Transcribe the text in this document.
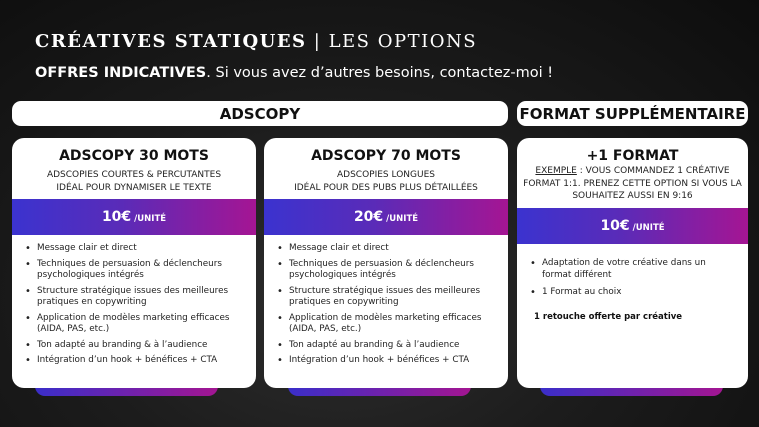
CRÉATIVES STATIQUES | LES OPTIONS
OFFRES INDICATIVES. Si vous avez d’autres besoins, contactez-moi !
ADSCOPY	FORMAT SUPPLÉMENTAIRE
ADSCOPY 30 MOTS
ADSCOPIES COURTES & PERCUTANTES
IDÉAL POUR DYNAMISER LE TEXTE
10€ /UNITÉ
• Message clair et direct
• Techniques de persuasion & déclencheurs psychologiques intégrés
• Structure stratégique issues des meilleures pratiques en copywriting
• Application de modèles marketing efficaces (AIDA, PAS, etc.)
• Ton adapté au branding & à l’audience
• Intégration d’un hook + bénéfices + CTA
ADSCOPY 70 MOTS
ADSCOPIES LONGUES
IDÉAL POUR DES PUBS PLUS DÉTAILLÉES
20€ /UNITÉ
• Message clair et direct
• Techniques de persuasion & déclencheurs psychologiques intégrés
• Structure stratégique issues des meilleures pratiques en copywriting
• Application de modèles marketing efficaces (AIDA, PAS, etc.)
• Ton adapté au branding & à l’audience
• Intégration d’un hook + bénéfices + CTA
+1 FORMAT
EXEMPLE : VOUS COMMANDEZ 1 CRÉATIVE FORMAT 1:1. PRENEZ CETTE OPTION SI VOUS LA SOUHAITEZ AUSSI EN 9:16
10€ /UNITÉ
• Adaptation de votre créative dans un format différent
• 1 Format au choix
1 retouche offerte par créative
